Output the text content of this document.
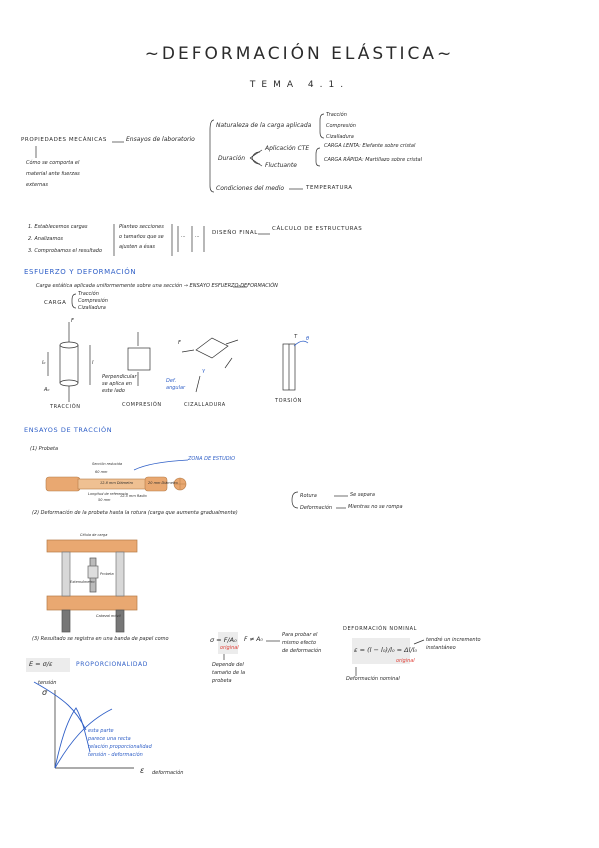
~DEFORMACIÓN ELÁSTICA~
TEMA 4.1.
PROPIEDADES MECÁNICAS	Ensayos de laboratorio
Cómo se comporta el
material ante fuerzas
externas
Naturaleza de la carga aplicada
Tracción
Compresión
Cizalladura
Duración
Aplicación CTE
Fluctuante
CARGA LENTA: Elefante sobre cristal
CARGA RÁPIDA: Martillazo sobre cristal
Condiciones del medio	TEMPERATURA
1. Establecemos cargas
2. Analizamos
3. Comprobamos el resultado
Planteo secciones
o tamaños que se
ajusten a ésas
... ... DISEÑO FINAL
CÁLCULO DE ESTRUCTURAS
ESFUERZO Y DEFORMACIÓN
Carga estática aplicada uniformemente sobre una sección → ENSAYO ESFUERZO-DEFORMACIÓN
CARGA
Tracción
Compresión
Cizalladura
F
A₀
l₀	l
TRACCIÓN
Perpendicular
se aplica en
este lado
COMPRESIÓN
F
Def.
angular
γ
CIZALLADURA
T θ
TORSIÓN
ENSAYOS DE TRACCIÓN
(1) Probeta
ZONA DE ESTUDIO
Sección reducida
60 mm
12.8 mm Diámetro	20 mm Diámetro
Longitud de referencia
50 mm
12.5 mm Radio
(2) Deformación de la probeta hasta la rotura (carga que aumenta gradualmente)
Rotura	Se separa
Deformación	Mientras no se rompa
Célula de carga
Probeta
Extensómetro
Cabezal móvil
(3) Resultado se registra en una banda de papel como	σ = F/A₀
original
Depende del
tamaño de la
probeta
F ≠ A₀
Para probar el
mismo efecto
de deformación
DEFORMACIÓN NOMINAL
ε = (l − l₀)/l₀ = Δl/l₀
original
tendré un incremento
instantáneo
Deformación nominal
E = σ/ε	PROPORCIONALIDAD
tensión
σ
ε deformación
esta parte
parece una recta
relación proporcionalidad
tensión - deformación
